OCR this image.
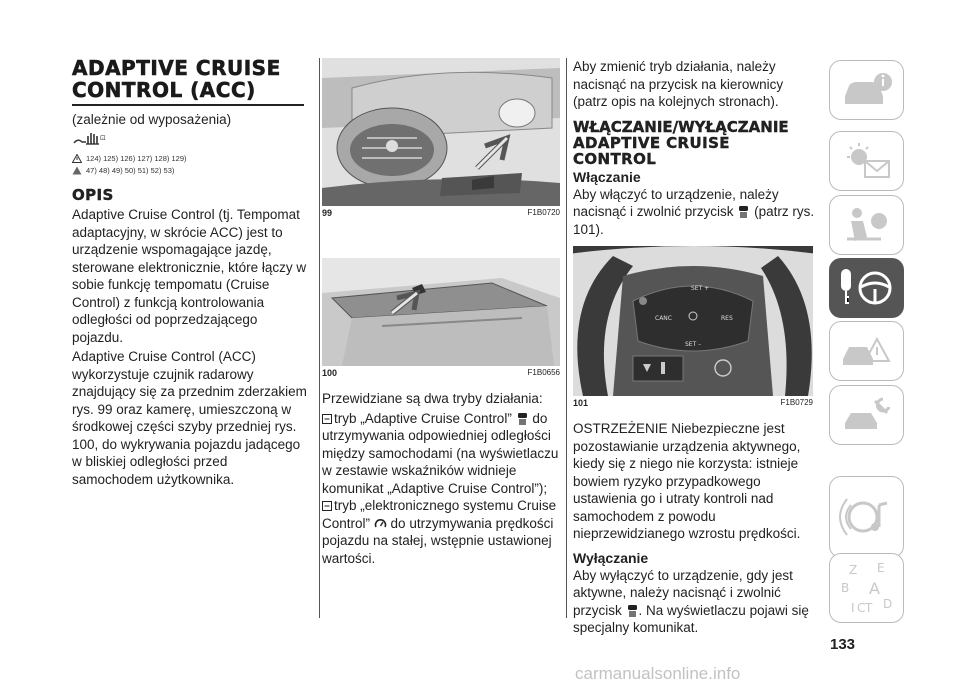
ADAPTIVE CRUISE
CONTROL (ACC)
(zależnie od wyposażenia)
⊡
124) 125) 126) 127) 128) 129)
47) 48) 49) 50) 51) 52) 53)
OPIS

Adaptive Cruise Control (tj. Tempomat adaptacyjny, w skrócie ACC) jest to urządzenie wspomagające jazdę, sterowane elektronicznie, które łączy w sobie funkcję tempomatu (Cruise Control) z funkcją kontrolowania odległości od poprzedzającego pojazdu.

Adaptive Cruise Control (ACC) wykorzystuje czujnik radarowy znajdujący się za przednim zderzakiem rys. 99 oraz kamerę, umieszczoną w środkowej części szyby przedniej rys. 100, do wykrywania pojazdu jadącego w bliskiej odległości przed samochodem użytkownika.

99	F1B0720
100	F1B0656

Przewidziane są dwa tryby działania:

tryb „Adaptive Cruise Control” do utrzymywania odpowiedniej odległości między samochodami (na wyświetlaczu w zestawie wskaźników widnieje komunikat „Adaptive Cruise Control”);

tryb „elektronicznego systemu Cruise Control” do utrzymywania prędkości pojazdu na stałej, wstępnie ustawionej wartości.

Aby zmienić tryb działania, należy nacisnąć na przycisk na kierownicy (patrz opis na kolejnych stronach).

WŁĄCZANIE/WYŁĄCZANIE
ADAPTIVE CRUISE
CONTROL
Włączanie

Aby włączyć to urządzenie, należy nacisnąć i zwolnić przycisk (patrz rys. 101).

SET +
CANC	RES
SET –
101	F1B0729

OSTRZEŻENIE Niebezpieczne jest pozostawianie urządzenia aktywnego, kiedy się z niego nie korzysta: istnieje bowiem ryzyko przypadkowego ustawienia go i utraty kontroli nad samochodem z powodu nieprzewidzianego wzrostu prędkości.

Wyłączanie

Aby wyłączyć to urządzenie, gdy jest aktywne, należy nacisnąć i zwolnić przycisk . Na wyświetlaczu pojawi się specjalny komunikat.

Z E
B A
I C T D
133
carmanualsonline.info
